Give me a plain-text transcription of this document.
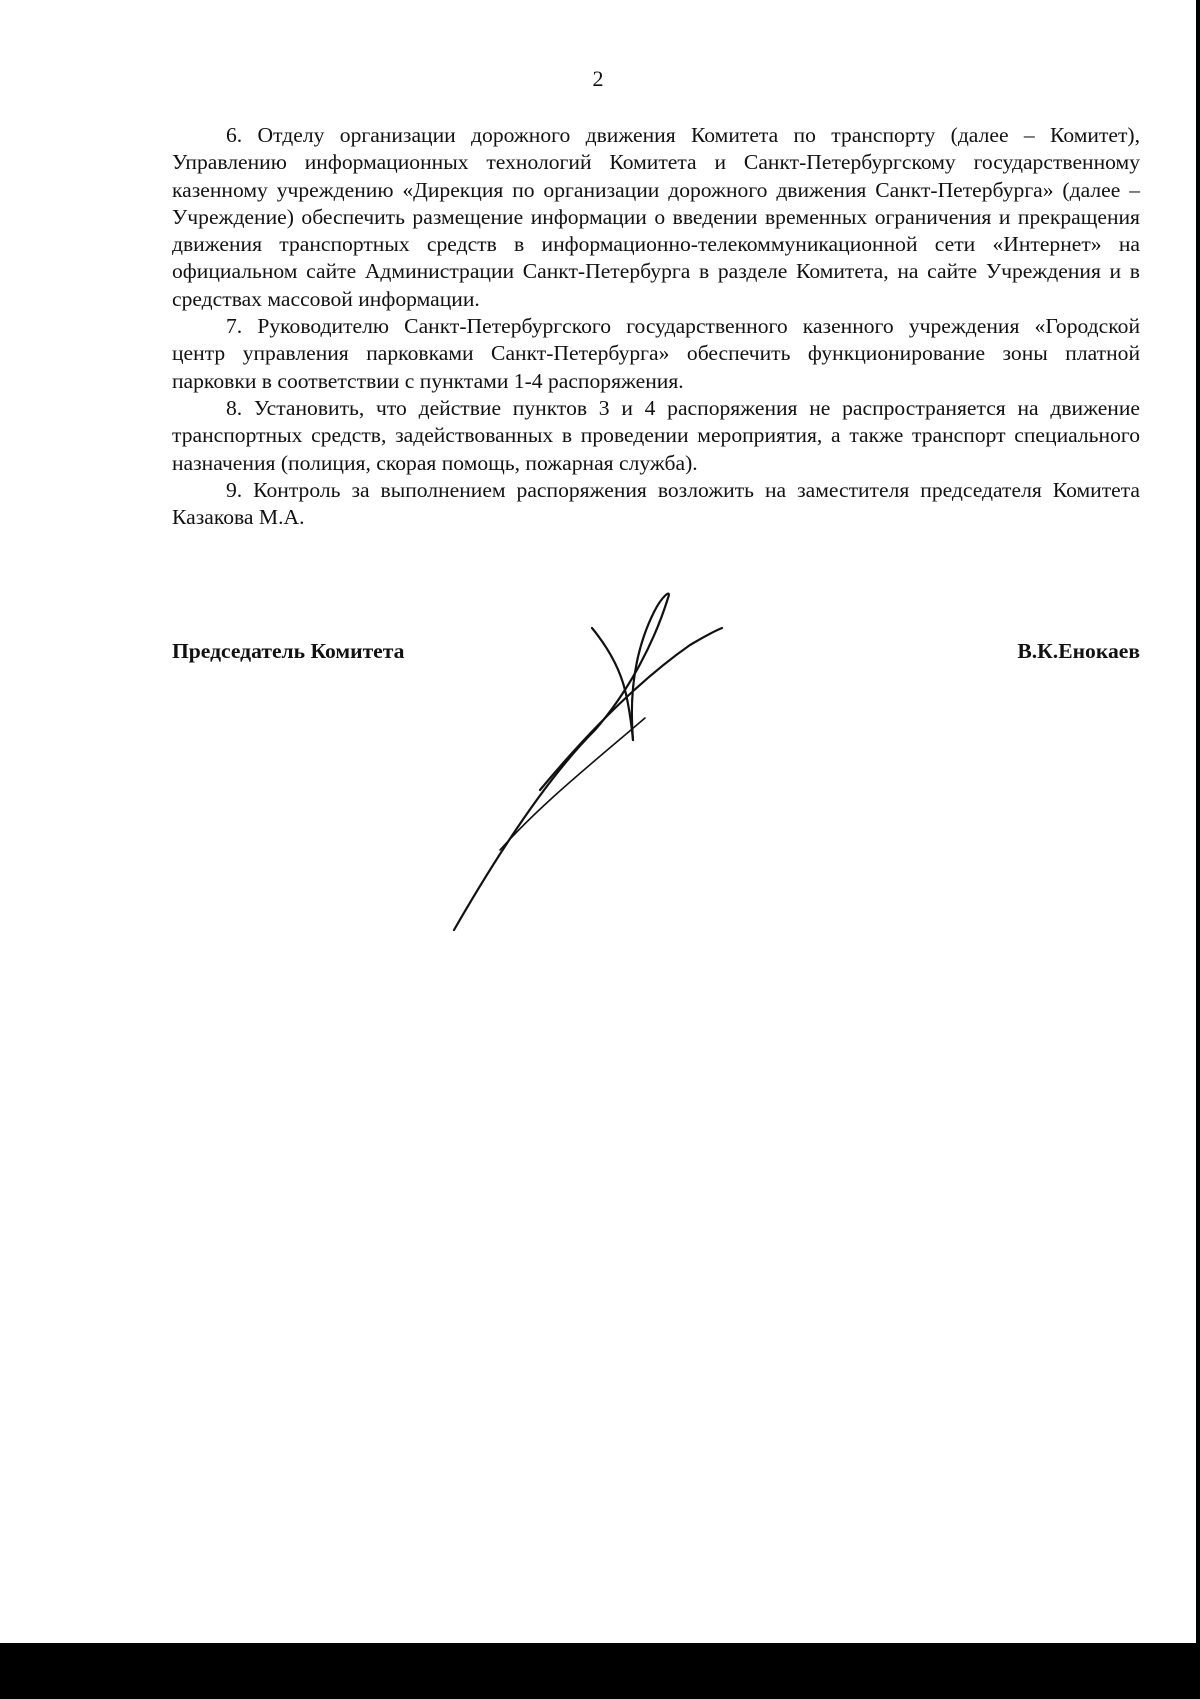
2

6. Отделу организации дорожного движения Комитета по транспорту (далее – Комитет), Управлению информационных технологий Комитета и Санкт-Петербургскому государственному казенному учреждению «Дирекция по организации дорожного движения Санкт-Петербурга» (далее – Учреждение) обеспечить размещение информации о введении временных ограничения и прекращения движения транспортных средств в информационно-телекоммуникационной сети «Интернет» на официальном сайте Администрации Санкт-Петербурга в разделе Комитета, на сайте Учреждения и в средствах массовой информации.

7. Руководителю Санкт-Петербургского государственного казенного учреждения «Городской центр управления парковками Санкт-Петербурга» обеспечить функционирование зоны платной парковки в соответствии с пунктами 1-4 распоряжения.

8. Установить, что действие пунктов 3 и 4 распоряжения не распространяется на движение транспортных средств, задействованных в проведении мероприятия, а также транспорт специального назначения (полиция, скорая помощь, пожарная служба).

9. Контроль за выполнением распоряжения возложить на заместителя председателя Комитета Казакова М.А.

Председатель Комитета	В.К.Енокаев
